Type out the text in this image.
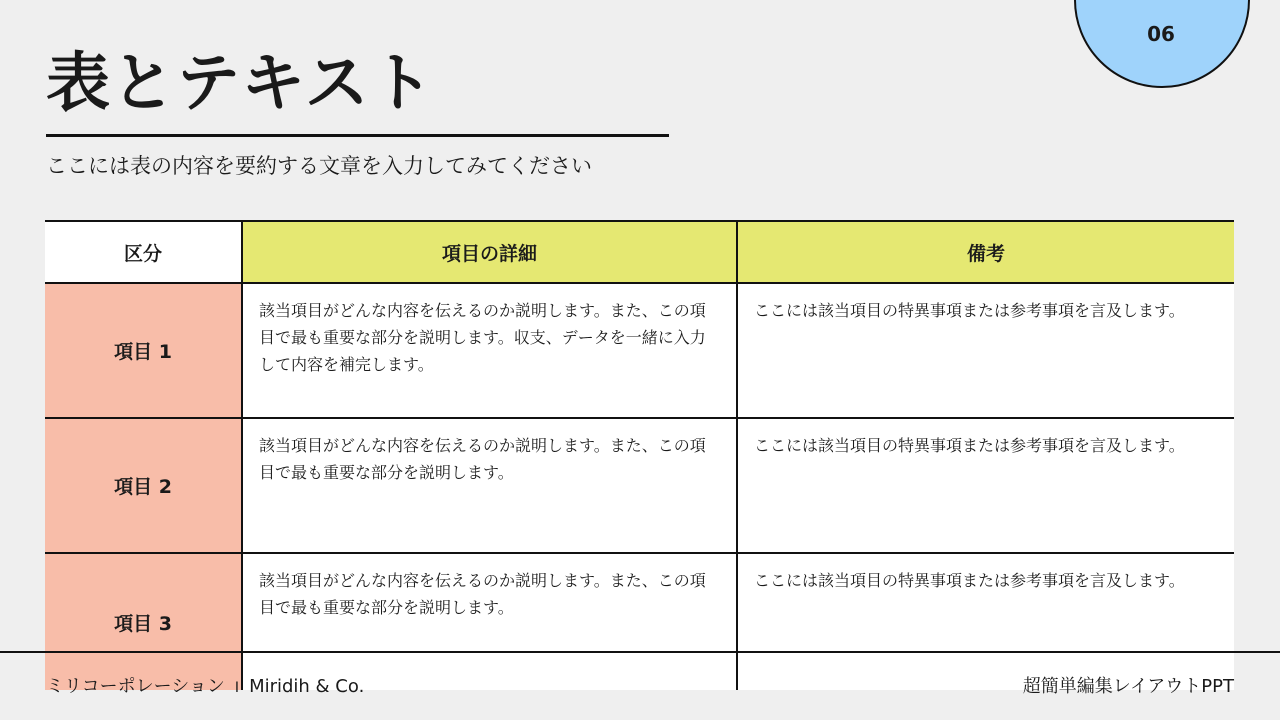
06
表とテキスト
ここには表の内容を要約する文章を入力してみてください
区分	項目の詳細	備考
項目 1	該当項目がどんな内容を伝えるのか説明します。また、この項目で最も重要な部分を説明します。収支、データを一緒に入力して内容を補完します。	ここには該当項目の特異事項または参考事項を言及します。
項目 2	該当項目がどんな内容を伝えるのか説明します。また、この項目で最も重要な部分を説明します。	ここには該当項目の特異事項または参考事項を言及します。
項目 3	該当項目がどんな内容を伝えるのか説明します。また、この項目で最も重要な部分を説明します。	ここには該当項目の特異事項または参考事項を言及します。
ミリコーポレーション I Miridih & Co.	超簡単編集レイアウトPPT
